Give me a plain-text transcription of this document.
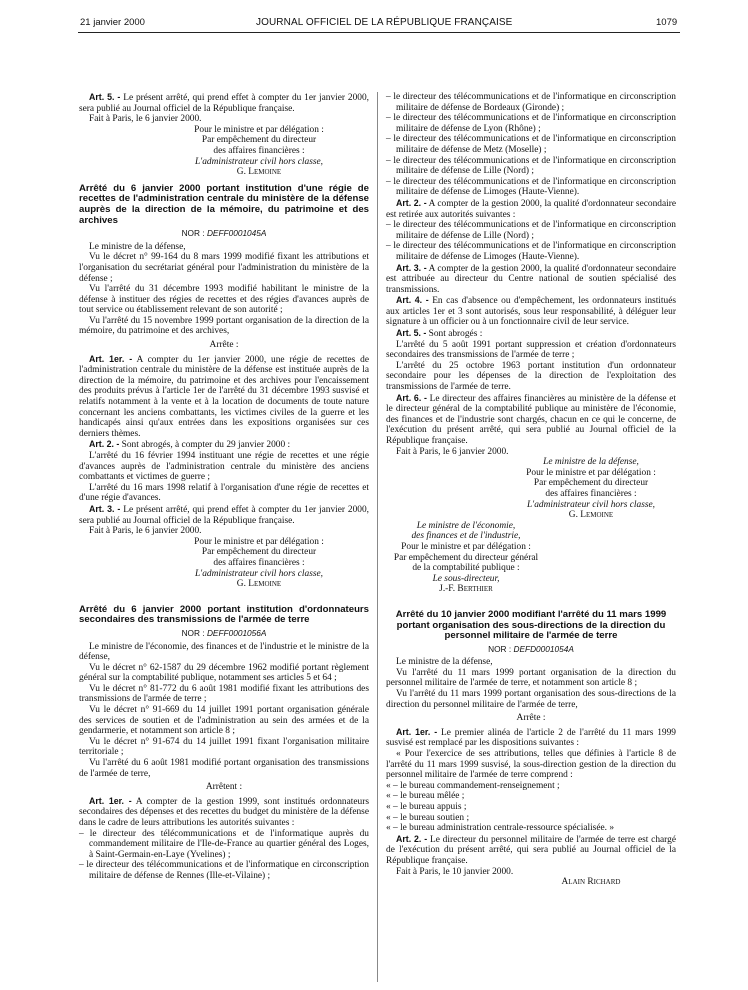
21 janvier 2000	JOURNAL OFFICIEL DE LA RÉPUBLIQUE FRANÇAISE	1079

Art. 5. - Le présent arrêté, qui prend effet à compter du 1er janvier 2000, sera publié au Journal officiel de la République française.

Fait à Paris, le 6 janvier 2000.

Pour le ministre et par délégation :
Par empêchement du directeur
des affaires financières :
L'administrateur civil hors classe,
G. Lemoine
Arrêté du 6 janvier 2000 portant institution d'une régie de recettes de l'administration centrale du ministère de la défense auprès de la direction de la mémoire, du patrimoine et des archives
NOR : DEFF0001045A

Le ministre de la défense,

Vu le décret n° 99-164 du 8 mars 1999 modifié fixant les attributions et l'organisation du secrétariat général pour l'administration du ministère de la défense ;

Vu l'arrêté du 31 décembre 1993 modifié habilitant le ministre de la défense à instituer des régies de recettes et des régies d'avances auprès de tout service ou établissement relevant de son autorité ;

Vu l'arrêté du 15 novembre 1999 portant organisation de la direction de la mémoire, du patrimoine et des archives,

Arrête :

Art. 1er. - A compter du 1er janvier 2000, une régie de recettes de l'administration centrale du ministère de la défense est instituée auprès de la direction de la mémoire, du patrimoine et des archives pour l'encaissement des produits prévus à l'article 1er de l'arrêté du 31 décembre 1993 susvisé et relatifs notamment à la vente et à la location de documents de toute nature concernant les anciens combattants, les victimes civiles de la guerre et les handicapés ainsi qu'aux entrées dans les expositions organisées sur ces derniers thèmes.

Art. 2. - Sont abrogés, à compter du 29 janvier 2000 :

L'arrêté du 16 février 1994 instituant une régie de recettes et une régie d'avances auprès de l'administration centrale du ministère des anciens combattants et victimes de guerre ;

L'arrêté du 16 mars 1998 relatif à l'organisation d'une régie de recettes et d'une régie d'avances.

Art. 3. - Le présent arrêté, qui prend effet à compter du 1er janvier 2000, sera publié au Journal officiel de la République française.

Fait à Paris, le 6 janvier 2000.

Pour le ministre et par délégation :
Par empêchement du directeur
des affaires financières :
L'administrateur civil hors classe,
G. Lemoine
Arrêté du 6 janvier 2000 portant institution d'ordonnateurs secondaires des transmissions de l'armée de terre
NOR : DEFF0001056A

Le ministre de l'économie, des finances et de l'industrie et le ministre de la défense,

Vu le décret n° 62-1587 du 29 décembre 1962 modifié portant règlement général sur la comptabilité publique, notamment ses articles 5 et 64 ;

Vu le décret n° 81-772 du 6 août 1981 modifié fixant les attributions des transmissions de l'armée de terre ;

Vu le décret n° 91-669 du 14 juillet 1991 portant organisation générale des services de soutien et de l'administration au sein des armées et de la gendarmerie, et notamment son article 8 ;

Vu le décret n° 91-674 du 14 juillet 1991 fixant l'organisation militaire territoriale ;

Vu l'arrêté du 6 août 1981 modifié portant organisation des transmissions de l'armée de terre,

Arrêtent :

Art. 1er. - A compter de la gestion 1999, sont institués ordonnateurs secondaires des dépenses et des recettes du budget du ministère de la défense dans le cadre de leurs attributions les autorités suivantes :

– le directeur des télécommunications et de l'informatique auprès du commandement militaire de l'Ile-de-France au quartier général des Loges, à Saint-Germain-en-Laye (Yvelines) ;

– le directeur des télécommunications et de l'informatique en circonscription militaire de défense de Rennes (Ille-et-Vilaine) ;

– le directeur des télécommunications et de l'informatique en circonscription militaire de défense de Bordeaux (Gironde) ;

– le directeur des télécommunications et de l'informatique en circonscription militaire de défense de Lyon (Rhône) ;

– le directeur des télécommunications et de l'informatique en circonscription militaire de défense de Metz (Moselle) ;

– le directeur des télécommunications et de l'informatique en circonscription militaire de défense de Lille (Nord) ;

– le directeur des télécommunications et de l'informatique en circonscription militaire de défense de Limoges (Haute-Vienne).

Art. 2. - A compter de la gestion 2000, la qualité d'ordonnateur secondaire est retirée aux autorités suivantes :

– le directeur des télécommunications et de l'informatique en circonscription militaire de défense de Lille (Nord) ;

– le directeur des télécommunications et de l'informatique en circonscription militaire de défense de Limoges (Haute-Vienne).

Art. 3. - A compter de la gestion 2000, la qualité d'ordonnateur secondaire est attribuée au directeur du Centre national de soutien spécialisé des transmissions.

Art. 4. - En cas d'absence ou d'empêchement, les ordonnateurs institués aux articles 1er et 3 sont autorisés, sous leur responsabilité, à déléguer leur signature à un officier ou à un fonctionnaire civil de leur service.

Art. 5. - Sont abrogés :

L'arrêté du 5 août 1991 portant suppression et création d'ordonnateurs secondaires des transmissions de l'armée de terre ;

L'arrêté du 25 octobre 1963 portant institution d'un ordonnateur secondaire pour les dépenses de la direction de l'exploitation des transmissions de l'armée de terre.

Art. 6. - Le directeur des affaires financières au ministère de la défense et le directeur général de la comptabilité publique au ministère de l'économie, des finances et de l'industrie sont chargés, chacun en ce qui le concerne, de l'exécution du présent arrêté, qui sera publié au Journal officiel de la République française.

Fait à Paris, le 6 janvier 2000.

Le ministre de la défense,
Pour le ministre et par délégation :
Par empêchement du directeur
des affaires financières :
L'administrateur civil hors classe,
G. Lemoine
Le ministre de l'économie,
des finances et de l'industrie,
Pour le ministre et par délégation :
Par empêchement du directeur général
de la comptabilité publique :
Le sous-directeur,
J.-F. Berthier
Arrêté du 10 janvier 2000 modifiant l'arrêté du 11 mars 1999 portant organisation des sous-directions de la direction du personnel militaire de l'armée de terre
NOR : DEFD0001054A

Le ministre de la défense,

Vu l'arrêté du 11 mars 1999 portant organisation de la direction du personnel militaire de l'armée de terre, et notamment son article 8 ;

Vu l'arrêté du 11 mars 1999 portant organisation des sous-directions de la direction du personnel militaire de l'armée de terre,

Arrête :

Art. 1er. - Le premier alinéa de l'article 2 de l'arrêté du 11 mars 1999 susvisé est remplacé par les dispositions suivantes :

« Pour l'exercice de ses attributions, telles que définies à l'article 8 de l'arrêté du 11 mars 1999 susvisé, la sous-direction gestion de la direction du personnel militaire de l'armée de terre comprend :

« – le bureau commandement-renseignement ;

« – le bureau mêlée ;

« – le bureau appuis ;

« – le bureau soutien ;

« – le bureau administration centrale-ressource spécialisée. »

Art. 2. - Le directeur du personnel militaire de l'armée de terre est chargé de l'exécution du présent arrêté, qui sera publié au Journal officiel de la République française.

Fait à Paris, le 10 janvier 2000.

Alain Richard
